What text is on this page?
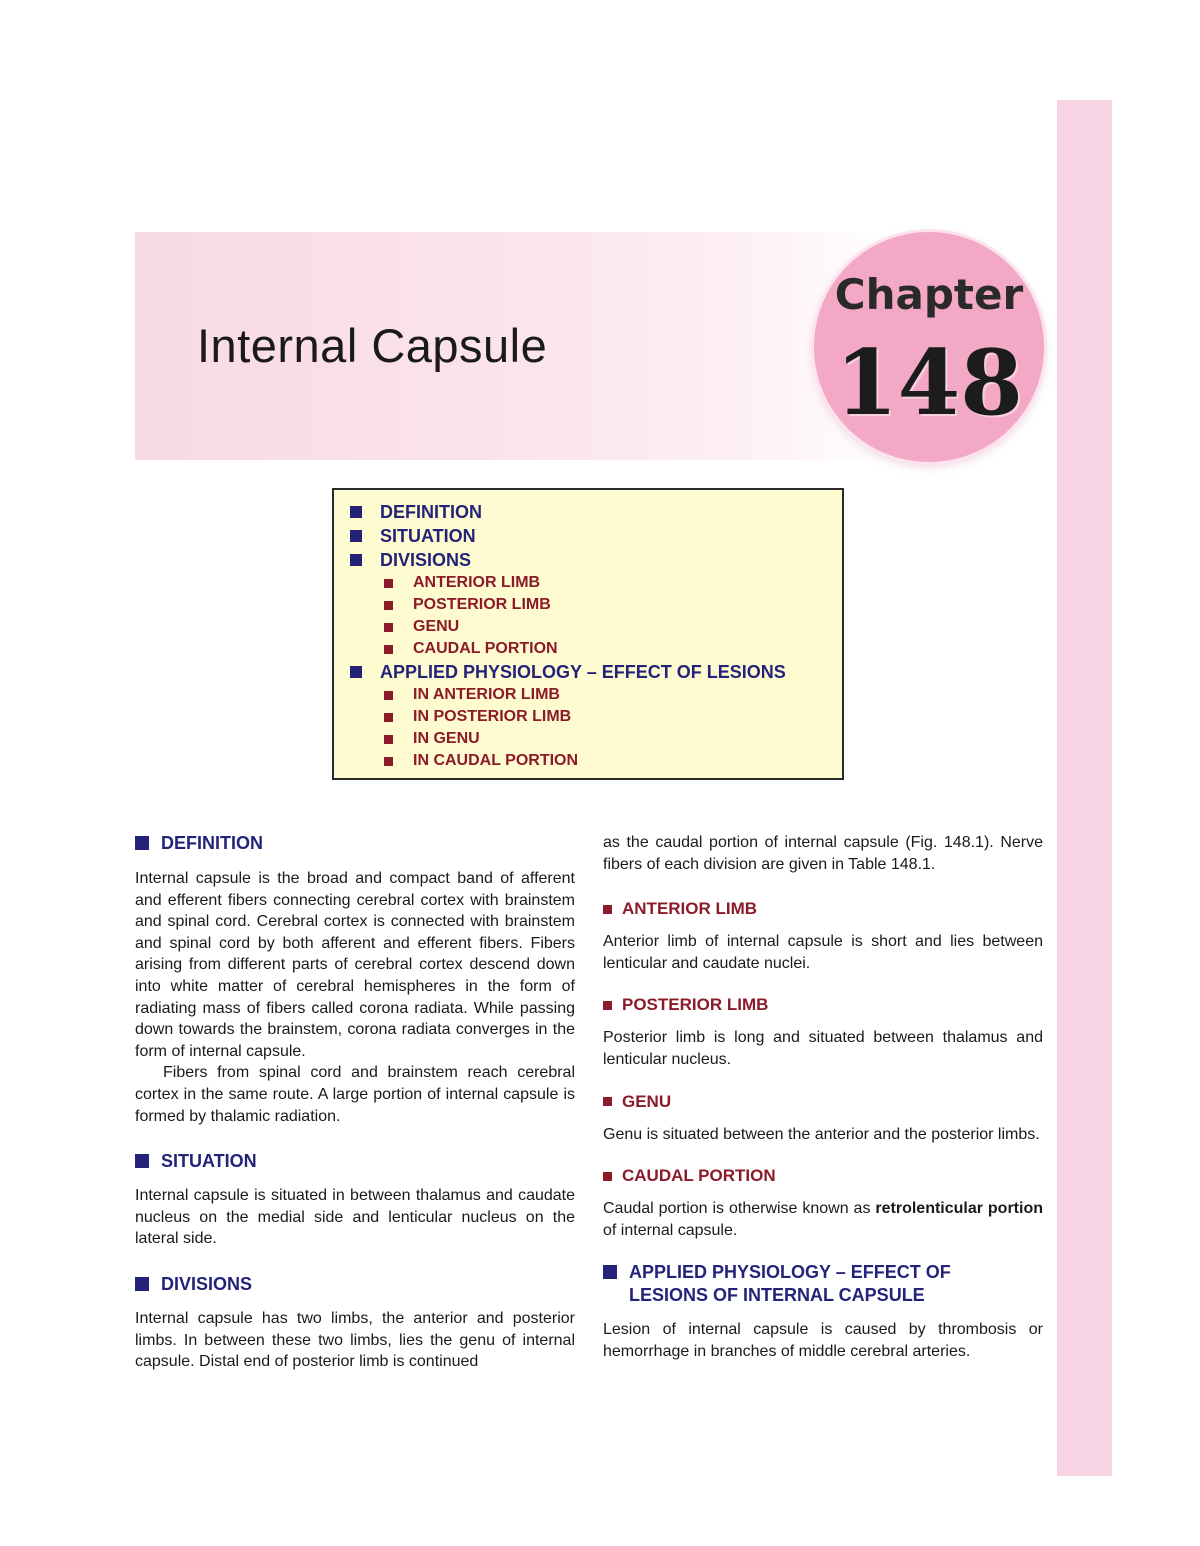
Internal Capsule
Chapter
148
DEFINITION
SITUATION
DIVISIONS
ANTERIOR LIMB
POSTERIOR LIMB
GENU
CAUDAL PORTION
APPLIED PHYSIOLOGY – EFFECT OF LESIONS
IN ANTERIOR LIMB
IN POSTERIOR LIMB
IN GENU
IN CAUDAL PORTION
DEFINITION

Internal capsule is the broad and compact band of afferent and efferent fibers connecting cerebral cortex with brainstem and spinal cord. Cerebral cortex is connected with brainstem and spinal cord by both afferent and efferent fibers. Fibers arising from different parts of cerebral cortex descend down into white matter of cerebral hemispheres in the form of radiating mass of fibers called corona radiata. While passing down towards the brainstem, corona radiata converges in the form of internal capsule.

Fibers from spinal cord and brainstem reach cerebral cortex in the same route. A large portion of internal capsule is formed by thalamic radiation.

SITUATION

Internal capsule is situated in between thalamus and caudate nucleus on the medial side and lenticular nucleus on the lateral side.

DIVISIONS

Internal capsule has two limbs, the anterior and posterior limbs. In between these two limbs, lies the genu of internal capsule. Distal end of posterior limb is continued

as the caudal portion of internal capsule (Fig. 148.1). Nerve fibers of each division are given in Table 148.1.

ANTERIOR LIMB

Anterior limb of internal capsule is short and lies between lenticular and caudate nuclei.

POSTERIOR LIMB

Posterior limb is long and situated between thalamus and lenticular nucleus.

GENU

Genu is situated between the anterior and the posterior limbs.

CAUDAL PORTION

Caudal portion is otherwise known as retrolenticular portion of internal capsule.

APPLIED PHYSIOLOGY – EFFECT OF LESIONS OF INTERNAL CAPSULE

Lesion of internal capsule is caused by thrombosis or hemorrhage in branches of middle cerebral arteries.
